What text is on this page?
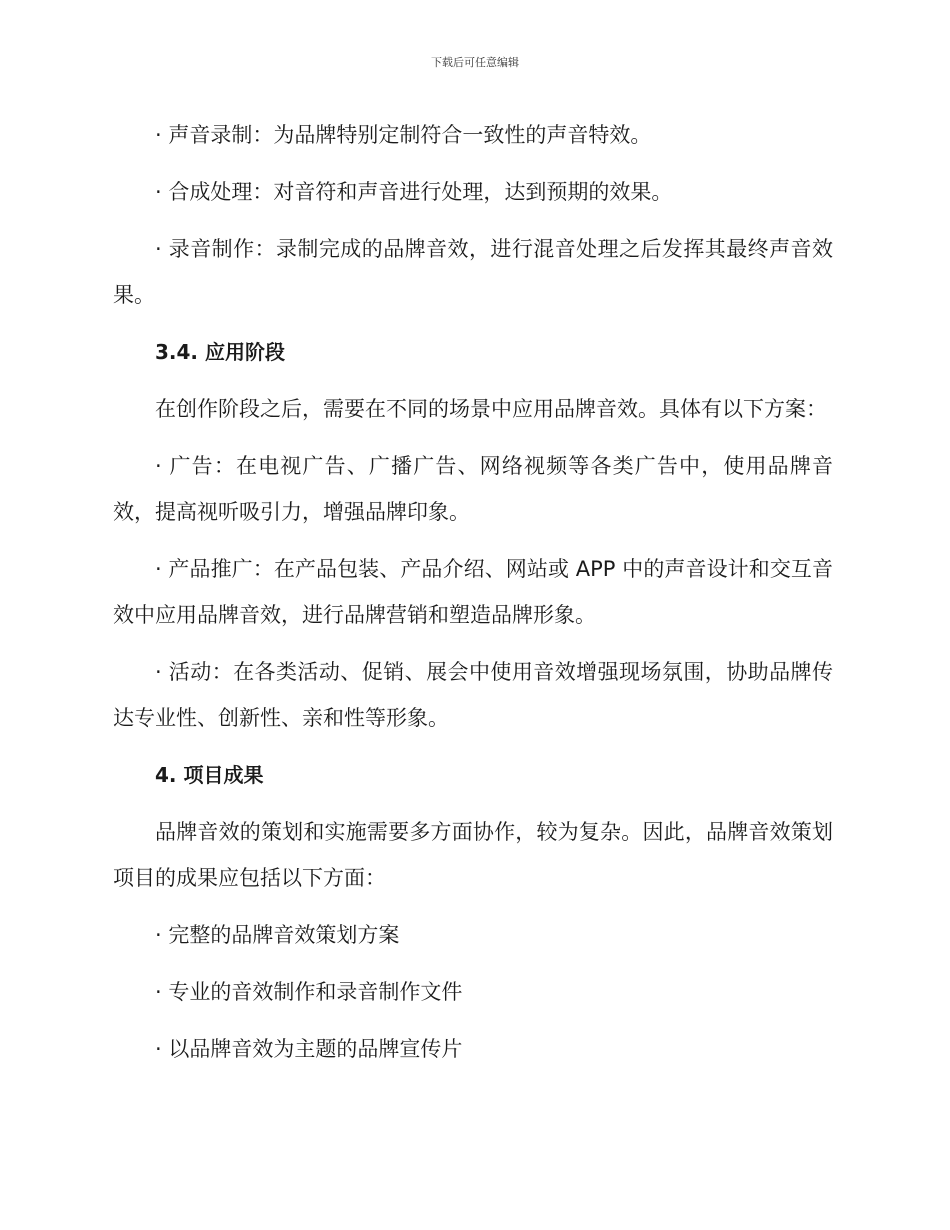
下载后可任意编辑

· 声音录制：为品牌特别定制符合一致性的声音特效。

· 合成处理：对音符和声音进行处理，达到预期的效果。

· 录音制作：录制完成的品牌音效，进行混音处理之后发挥其最终声音效果。

3.4. 应用阶段

在创作阶段之后，需要在不同的场景中应用品牌音效。具体有以下方案：

· 广告：在电视广告、广播广告、网络视频等各类广告中，使用品牌音效，提高视听吸引力，增强品牌印象。

· 产品推广：在产品包装、产品介绍、网站或 APP 中的声音设计和交互音效中应用品牌音效，进行品牌营销和塑造品牌形象。

· 活动：在各类活动、促销、展会中使用音效增强现场氛围，协助品牌传达专业性、创新性、亲和性等形象。

4. 项目成果

品牌音效的策划和实施需要多方面协作，较为复杂。因此，品牌音效策划项目的成果应包括以下方面：

· 完整的品牌音效策划方案

· 专业的音效制作和录音制作文件

· 以品牌音效为主题的品牌宣传片
